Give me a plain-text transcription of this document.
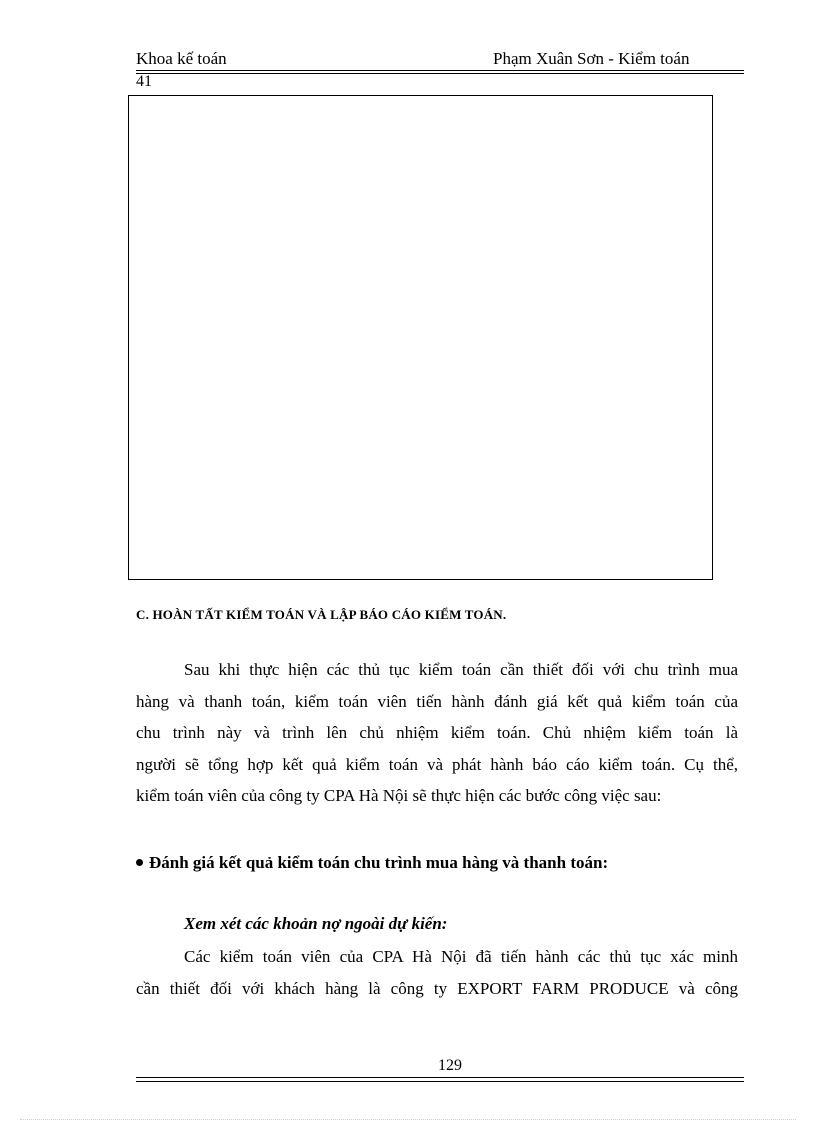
Khoa kế toán	Phạm Xuân Sơn - Kiểm toán
41
C. HOÀN TẤT KIỂM TOÁN VÀ LẬP BÁO CÁO KIỂM TOÁN.
Sau khi thực hiện các thủ tục kiểm toán cần thiết đối với chu trình mua
hàng và thanh toán, kiểm toán viên tiến hành đánh giá kết quả kiểm toán của
chu trình này và trình lên chủ nhiệm kiểm toán. Chủ nhiệm kiểm toán là
người sẽ tổng hợp kết quả kiểm toán và phát hành báo cáo kiểm toán. Cụ thể,
kiểm toán viên của công ty CPA Hà Nội sẽ thực hiện các bước công việc sau:
Đánh giá kết quả kiểm toán chu trình mua hàng và thanh toán:
Xem xét các khoản nợ ngoài dự kiến:
Các kiểm toán viên của CPA Hà Nội đã tiến hành các thủ tục xác minh
cần thiết đối với khách hàng là công ty EXPORT FARM PRODUCE và công
129
